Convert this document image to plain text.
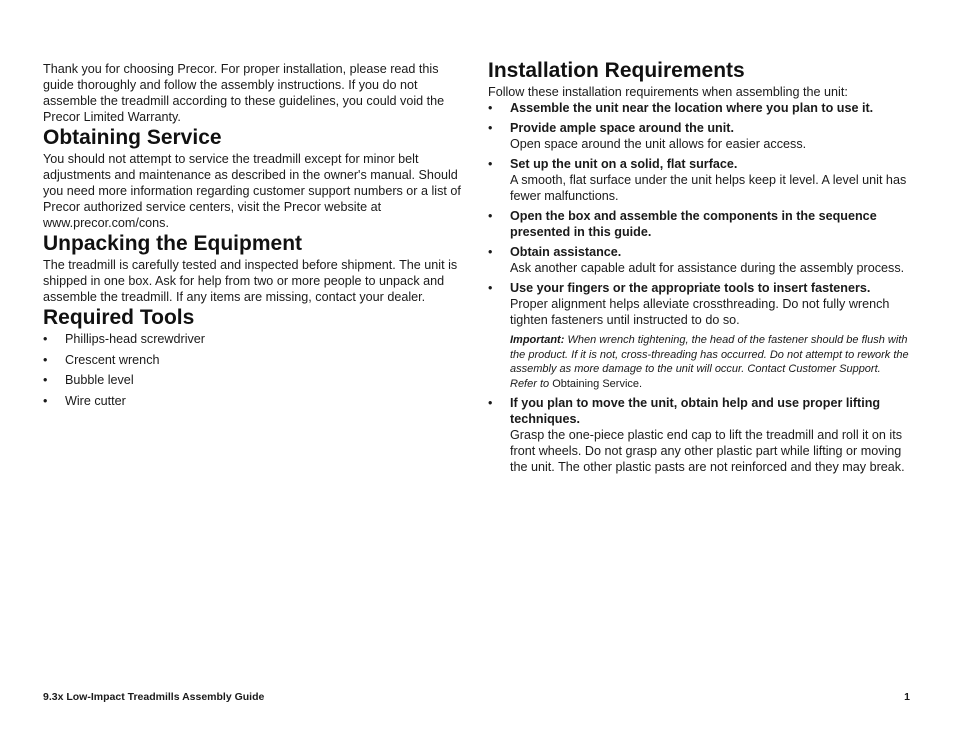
Thank you for choosing Precor. For proper installation, please read this guide thoroughly and follow the assembly instructions. If you do not assemble the treadmill according to these guidelines, you could void the Precor Limited Warranty.

Obtaining Service

You should not attempt to service the treadmill except for minor belt adjustments and maintenance as described in the owner's manual. Should you need more information regarding customer support numbers or a list of Precor authorized service centers, visit the Precor website at www.precor.com/cons.

Unpacking the Equipment

The treadmill is carefully tested and inspected before shipment. The unit is shipped in one box. Ask for help from two or more people to unpack and assemble the treadmill. If any items are missing, contact your dealer.

Required Tools
• Phillips-head screwdriver
• Crescent wrench
• Bubble level
• Wire cutter
Installation Requirements

Follow these installation requirements when assembling the unit:

• Assemble the unit near the location where you plan to use it.
• Provide ample space around the unit.
Open space around the unit allows for easier access.
• Set up the unit on a solid, flat surface.
A smooth, flat surface under the unit helps keep it level. A level unit has fewer malfunctions.
• Open the box and assemble the components in the sequence presented in this guide.
• Obtain assistance.
Ask another capable adult for assistance during the assembly process.
• Use your fingers or the appropriate tools to insert fasteners.
Proper alignment helps alleviate crossthreading. Do not fully wrench tighten fasteners until instructed to do so.
Important: When wrench tightening, the head of the fastener should be flush with the product. If it is not, cross-threading has occurred. Do not attempt to rework the assembly as more damage to the unit will occur. Contact Customer Support. Refer to Obtaining Service.
• If you plan to move the unit, obtain help and use proper lifting techniques.
Grasp the one-piece plastic end cap to lift the treadmill and roll it on its front wheels. Do not grasp any other plastic part while lifting or moving the unit. The other plastic pasts are not reinforced and they may break.
9.3x Low-Impact Treadmills Assembly Guide	1
